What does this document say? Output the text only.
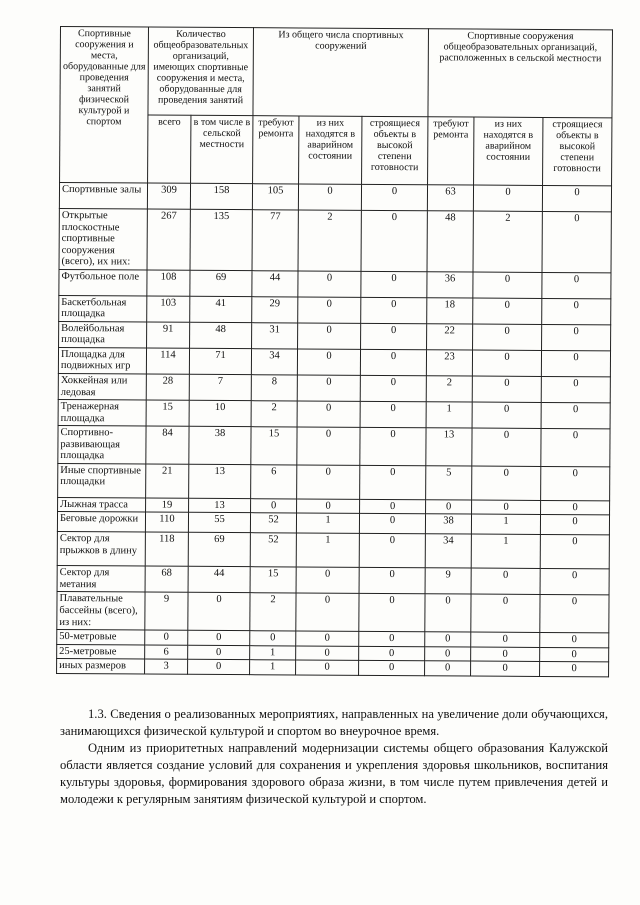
Спортивные сооружения и места, оборудованные для проведения занятий физической культурой и спортом	Количество общеобразовательных организаций, имеющих спортивные сооружения и места, оборудованные для проведения занятий		Из общего числа спортивных сооружений			Спортивные сооружения общеобразовательных организаций, расположенных в сельской местности		
	всего	в том числе в сельской местности	требуют ремонта	из них находятся в аварийном состоянии	строящиеся объекты в высокой степени готовности	требуют ремонта	из них находятся в аварийном состоянии	строящиеся объекты в высокой степени готовности
Спортивные залы	309	158	105	0	0	63	0	0
Открытые плоскостные спортивные сооружения (всего), их них:	267	135	77	2	0	48	2	0
Футбольное поле	108	69	44	0	0	36	0	0
Баскетбольная площадка	103	41	29	0	0	18	0	0
Волейбольная площадка	91	48	31	0	0	22	0	0
Площадка для подвижных игр	114	71	34	0	0	23	0	0
Хоккейная или ледовая	28	7	8	0	0	2	0	0
Тренажерная площадка	15	10	2	0	0	1	0	0
Спортивно-развивающая площадка	84	38	15	0	0	13	0	0
Иные спортивные площадки	21	13	6	0	0	5	0	0
Лыжная трасса	19	13	0	0	0	0	0	0
Беговые дорожки	110	55	52	1	0	38	1	0
Сектор для прыжков в длину	118	69	52	1	0	34	1	0
Сектор для метания	68	44	15	0	0	9	0	0
Плавательные бассейны (всего), из них:	9	0	2	0	0	0	0	0
50-метровые	0	0	0	0	0	0	0	0
25-метровые	6	0	1	0	0	0	0	0
иных размеров	3	0	1	0	0	0	0	0

1.3. Сведения о реализованных мероприятиях, направленных на увеличение доли обучающихся, занимающихся физической культурой и спортом во внеурочное время.

Одним из приоритетных направлений модернизации системы общего образования Калужской области является создание условий для сохранения и укрепления здоровья школьников, воспитания культуры здоровья, формирования здорового образа жизни, в том числе путем привлечения детей и молодежи к регулярным занятиям физической культурой и спортом.
